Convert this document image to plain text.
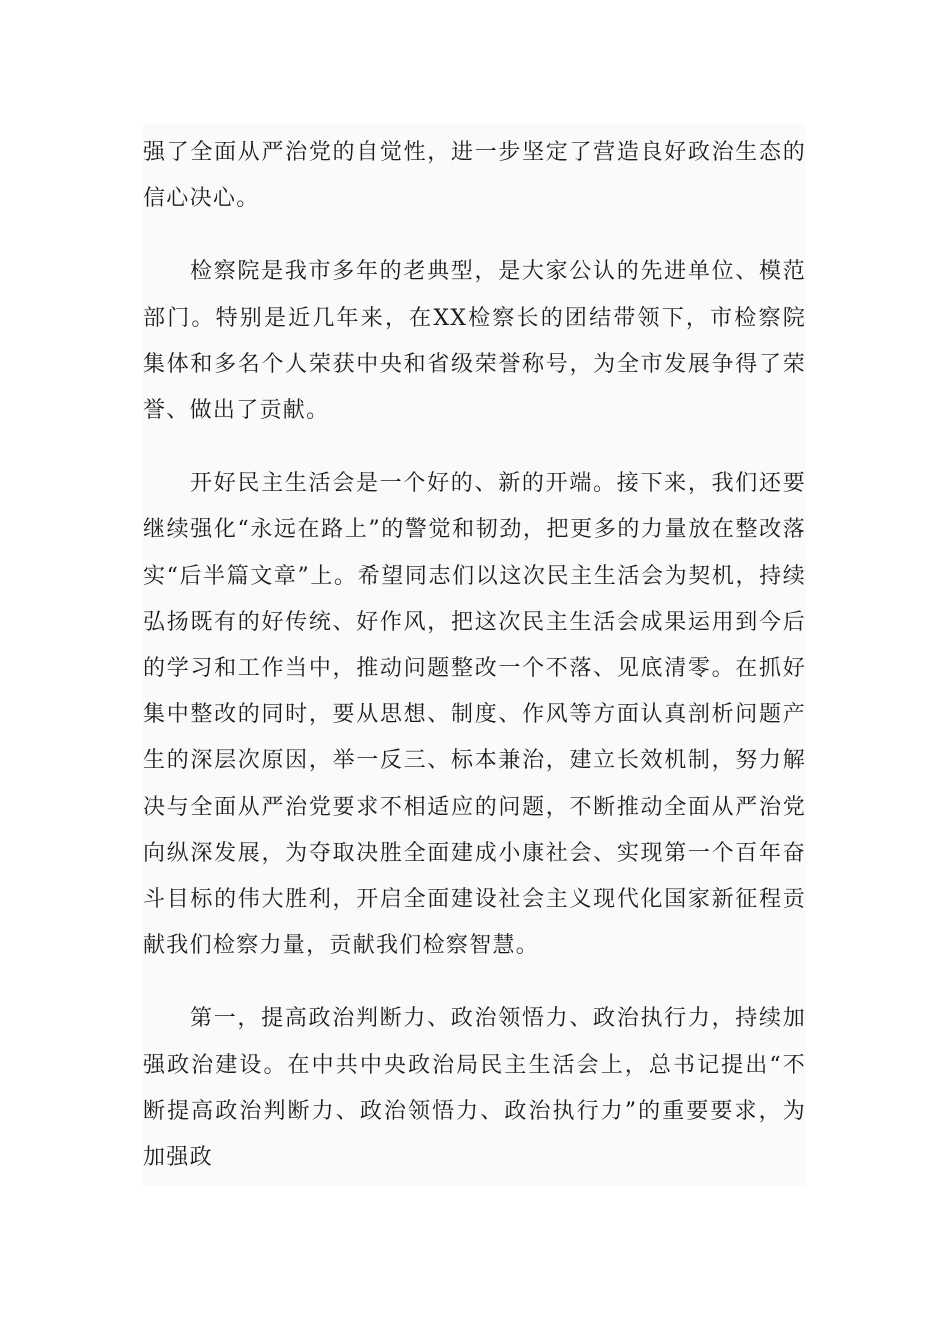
强了全面从严治党的自觉性，进一步坚定了营造良好政治生态的信心决心。

检察院是我市多年的老典型，是大家公认的先进单位、模范部门。特别是近几年来，在XX检察长的团结带领下，市检察院集体和多名个人荣获中央和省级荣誉称号，为全市发展争得了荣誉、做出了贡献。

开好民主生活会是一个好的、新的开端。接下来，我们还要继续强化“永远在路上”的警觉和韧劲，把更多的力量放在整改落实“后半篇文章”上。希望同志们以这次民主生活会为契机，持续弘扬既有的好传统、好作风，把这次民主生活会成果运用到今后的学习和工作当中，推动问题整改一个不落、见底清零。在抓好集中整改的同时，要从思想、制度、作风等方面认真剖析问题产生的深层次原因，举一反三、标本兼治，建立长效机制，努力解决与全面从严治党要求不相适应的问题，不断推动全面从严治党向纵深发展，为夺取决胜全面建成小康社会、实现第一个百年奋斗目标的伟大胜利，开启全面建设社会主义现代化国家新征程贡献我们检察力量，贡献我们检察智慧。

第一，提高政治判断力、政治领悟力、政治执行力，持续加强政治建设。在中共中央政治局民主生活会上，总书记提出“不断提高政治判断力、政治领悟力、政治执行力”的重要要求，为加强政
